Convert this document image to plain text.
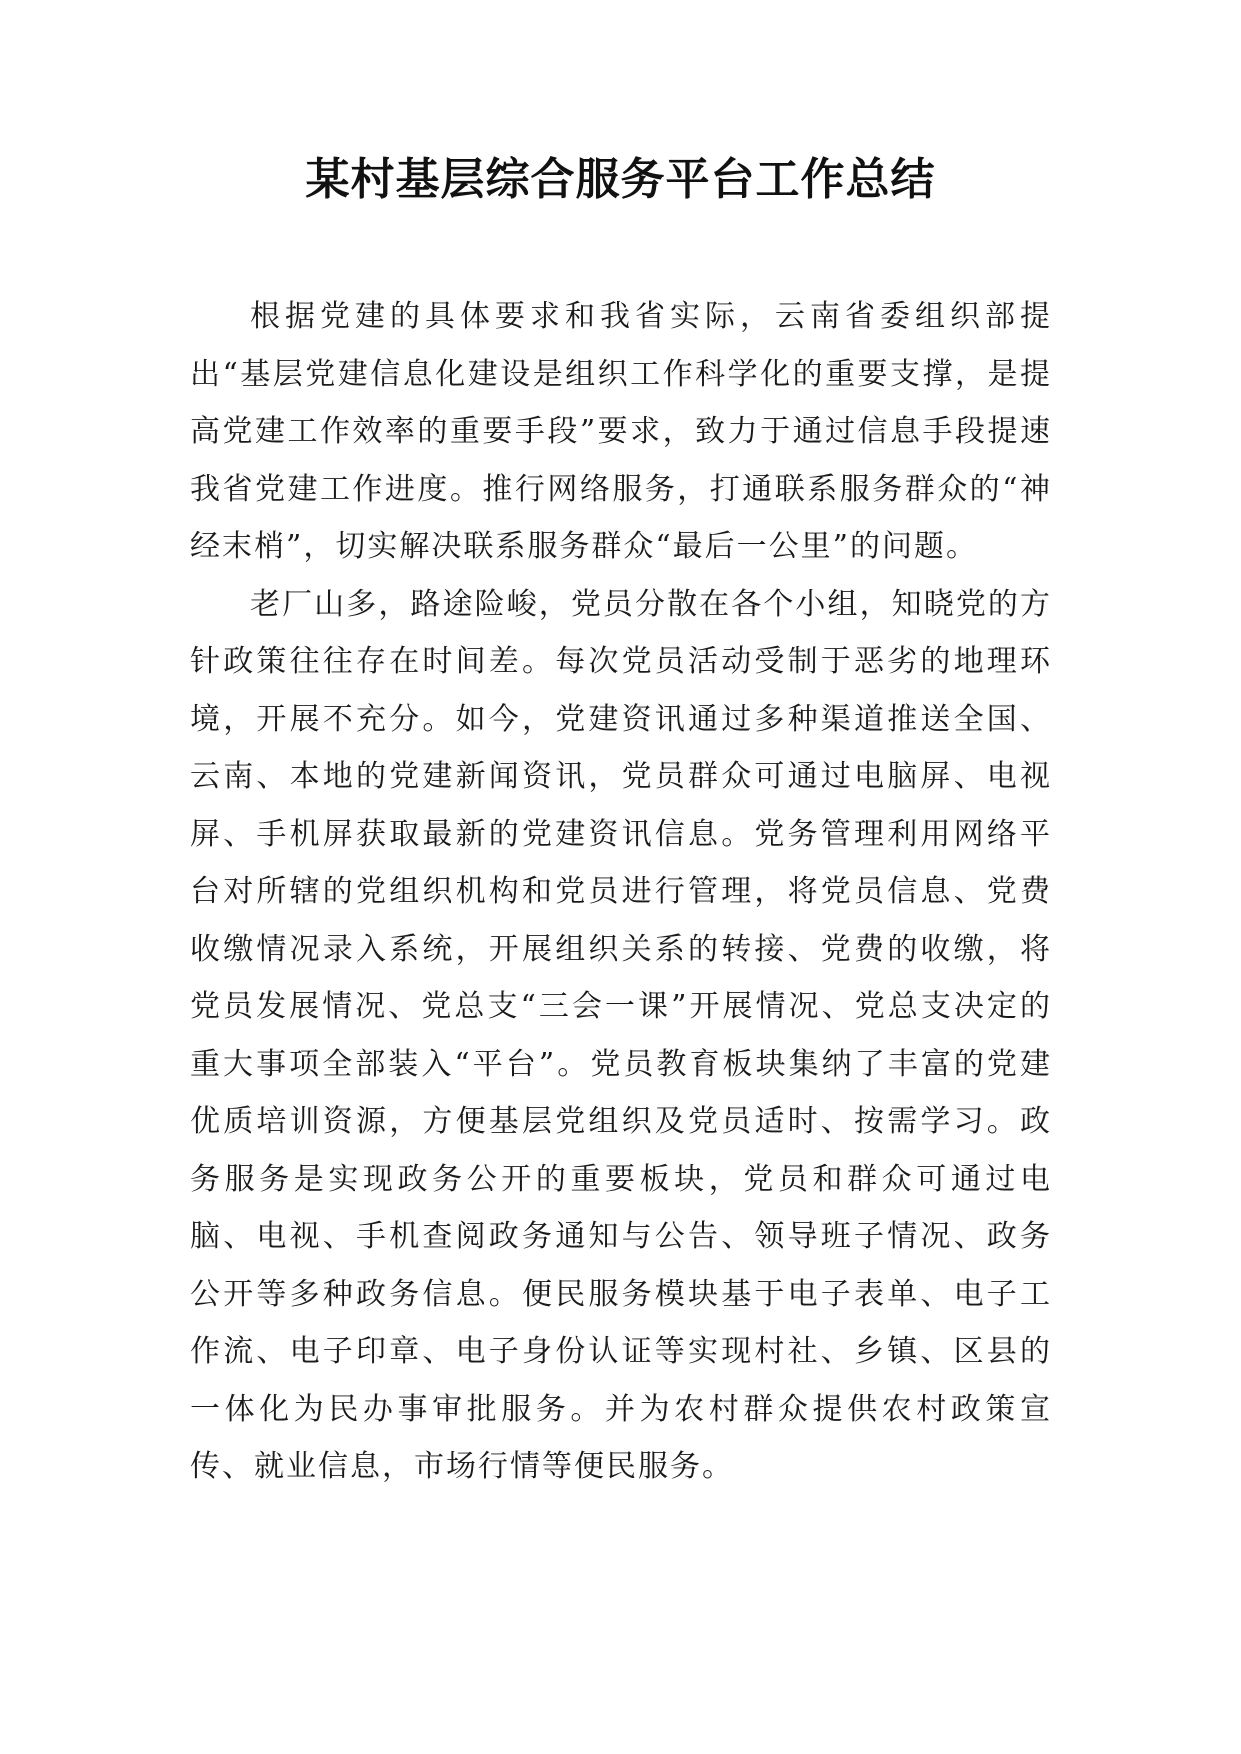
某村基层综合服务平台工作总结

根据党建的具体要求和我省实际，云南省委组织部提出“基层党建信息化建设是组织工作科学化的重要支撑，是提高党建工作效率的重要手段”要求，致力于通过信息手段提速我省党建工作进度。推行网络服务，打通联系服务群众的“神经末梢”，切实解决联系服务群众“最后一公里”的问题。

老厂山多，路途险峻，党员分散在各个小组，知晓党的方针政策往往存在时间差。每次党员活动受制于恶劣的地理环境，开展不充分。如今，党建资讯通过多种渠道推送全国、云南、本地的党建新闻资讯，党员群众可通过电脑屏、电视屏、手机屏获取最新的党建资讯信息。党务管理利用网络平台对所辖的党组织机构和党员进行管理，将党员信息、党费收缴情况录入系统，开展组织关系的转接、党费的收缴，将党员发展情况、党总支“三会一课”开展情况、党总支决定的重大事项全部装入“平台”。党员教育板块集纳了丰富的党建优质培训资源，方便基层党组织及党员适时、按需学习。政务服务是实现政务公开的重要板块，党员和群众可通过电脑、电视、手机查阅政务通知与公告、领导班子情况、政务公开等多种政务信息。便民服务模块基于电子表单、电子工作流、电子印章、电子身份认证等实现村社、乡镇、区县的一体化为民办事审批服务。并为农村群众提供农村政策宣传、就业信息，市场行情等便民服务。
